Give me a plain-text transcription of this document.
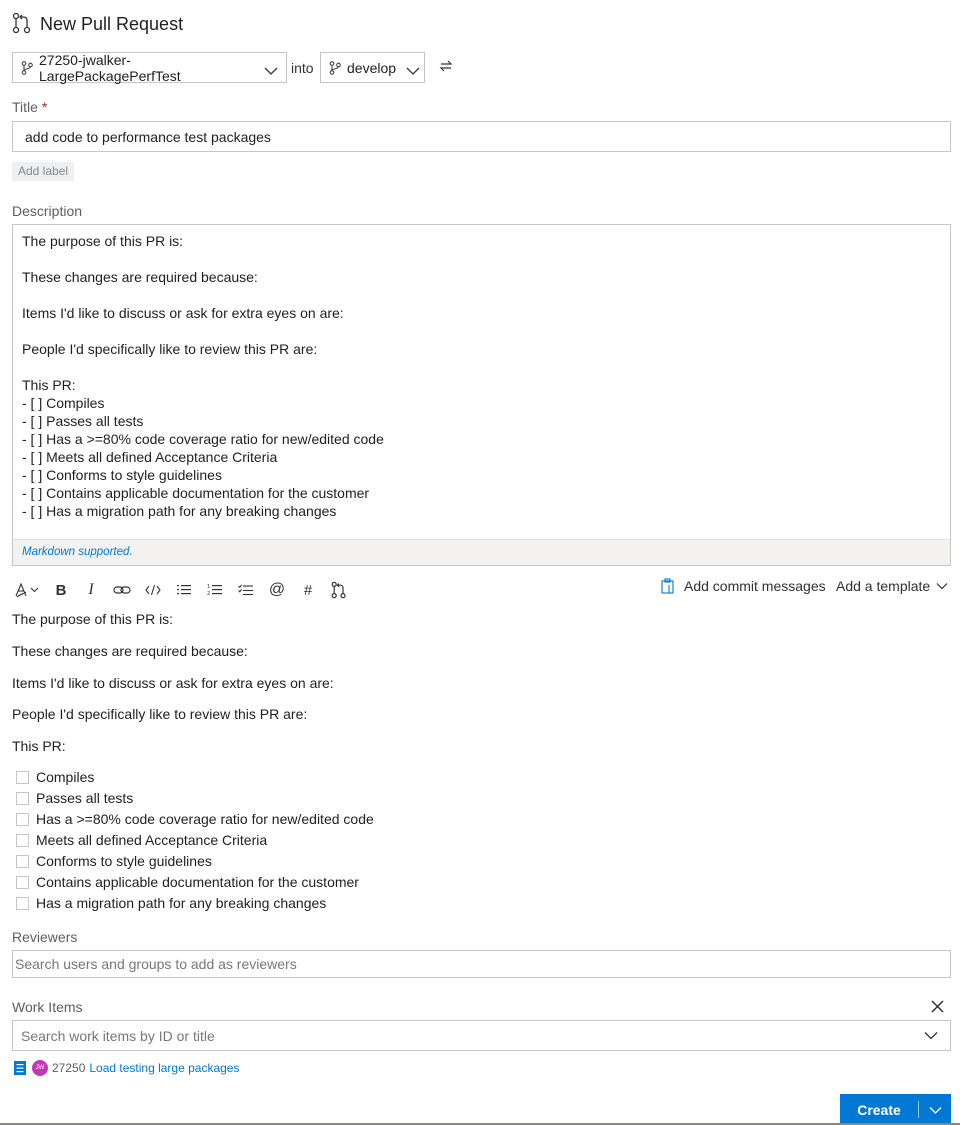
New Pull Request
27250-jwalker-LargePackagePerfTest	into develop
Title *
add code to performance test packages
Add label
Description
The purpose of this PR is:

These changes are required because:

Items I'd like to discuss or ask for extra eyes on are:

People I'd specifically like to review this PR are:

This PR:
- [ ] Compiles
- [ ] Passes all tests
- [ ] Has a >=80% code coverage ratio for new/edited code
- [ ] Meets all defined Acceptance Criteria
- [ ] Conforms to style guidelines
- [ ] Contains applicable documentation for the customer
- [ ] Has a migration path for any breaking changes
Markdown supported.
B I	1
2	@ #	Add commit messages Add a template
The purpose of this PR is:
These changes are required because:
Items I'd like to discuss or ask for extra eyes on are:
People I'd specifically like to review this PR are:
This PR:
Compiles
Passes all tests
Has a >=80% code coverage ratio for new/edited code
Meets all defined Acceptance Criteria
Conforms to style guidelines
Contains applicable documentation for the customer
Has a migration path for any breaking changes
Reviewers
Search users and groups to add as reviewers
Work Items
Search work items by ID or title
JW 27250 Load testing large packages
Create
